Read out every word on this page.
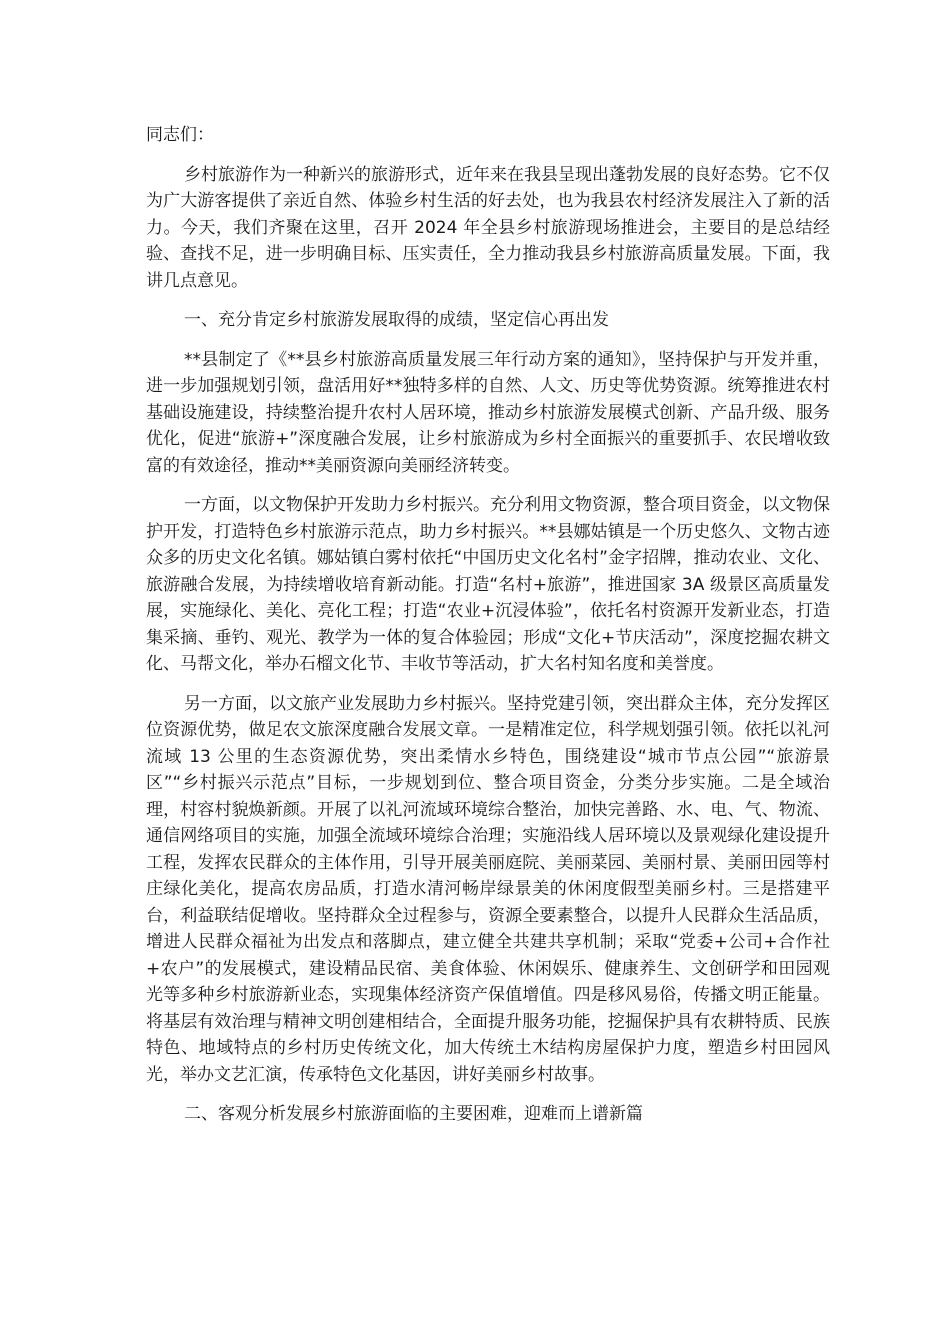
同志们：

乡村旅游作为一种新兴的旅游形式，近年来在我县呈现出蓬勃发展的良好态势。它不仅为广大游客提供了亲近自然、体验乡村生活的好去处，也为我县农村经济发展注入了新的活力。今天，我们齐聚在这里，召开 2024 年全县乡村旅游现场推进会，主要目的是总结经验、查找不足，进一步明确目标、压实责任，全力推动我县乡村旅游高质量发展。下面，我讲几点意见。

一、充分肯定乡村旅游发展取得的成绩，坚定信心再出发

**县制定了《**县乡村旅游高质量发展三年行动方案的通知》，坚持保护与开发并重，进一步加强规划引领，盘活用好**独特多样的自然、人文、历史等优势资源。统筹推进农村基础设施建设，持续整治提升农村人居环境，推动乡村旅游发展模式创新、产品升级、服务优化，促进“旅游+”深度融合发展，让乡村旅游成为乡村全面振兴的重要抓手、农民增收致富的有效途径，推动**美丽资源向美丽经济转变。

一方面，以文物保护开发助力乡村振兴。充分利用文物资源，整合项目资金，以文物保护开发，打造特色乡村旅游示范点，助力乡村振兴。**县娜姑镇是一个历史悠久、文物古迹众多的历史文化名镇。娜姑镇白雾村依托“中国历史文化名村”金字招牌，推动农业、文化、旅游融合发展，为持续增收培育新动能。打造“名村+旅游”，推进国家 3A 级景区高质量发展，实施绿化、美化、亮化工程；打造“农业+沉浸体验”，依托名村资源开发新业态，打造集采摘、垂钓、观光、教学为一体的复合体验园；形成“文化+节庆活动”，深度挖掘农耕文化、马帮文化，举办石榴文化节、丰收节等活动，扩大名村知名度和美誉度。

另一方面，以文旅产业发展助力乡村振兴。坚持党建引领，突出群众主体，充分发挥区位资源优势，做足农文旅深度融合发展文章。一是精准定位，科学规划强引领。依托以礼河流域 13 公里的生态资源优势，突出柔情水乡特色，围绕建设“城市节点公园”“旅游景区”“乡村振兴示范点”目标，一步规划到位、整合项目资金，分类分步实施。二是全域治理，村容村貌焕新颜。开展了以礼河流域环境综合整治，加快完善路、水、电、气、物流、通信网络项目的实施，加强全流域环境综合治理；实施沿线人居环境以及景观绿化建设提升工程，发挥农民群众的主体作用，引导开展美丽庭院、美丽菜园、美丽村景、美丽田园等村庄绿化美化，提高农房品质，打造水清河畅岸绿景美的休闲度假型美丽乡村。三是搭建平台，利益联结促增收。坚持群众全过程参与，资源全要素整合，以提升人民群众生活品质，增进人民群众福祉为出发点和落脚点，建立健全共建共享机制；采取“党委+公司+合作社+农户”的发展模式，建设精品民宿、美食体验、休闲娱乐、健康养生、文创研学和田园观光等多种乡村旅游新业态，实现集体经济资产保值增值。四是移风易俗，传播文明正能量。将基层有效治理与精神文明创建相结合，全面提升服务功能，挖掘保护具有农耕特质、民族特色、地域特点的乡村历史传统文化，加大传统土木结构房屋保护力度，塑造乡村田园风光，举办文艺汇演，传承特色文化基因，讲好美丽乡村故事。

二、客观分析发展乡村旅游面临的主要困难，迎难而上谱新篇
